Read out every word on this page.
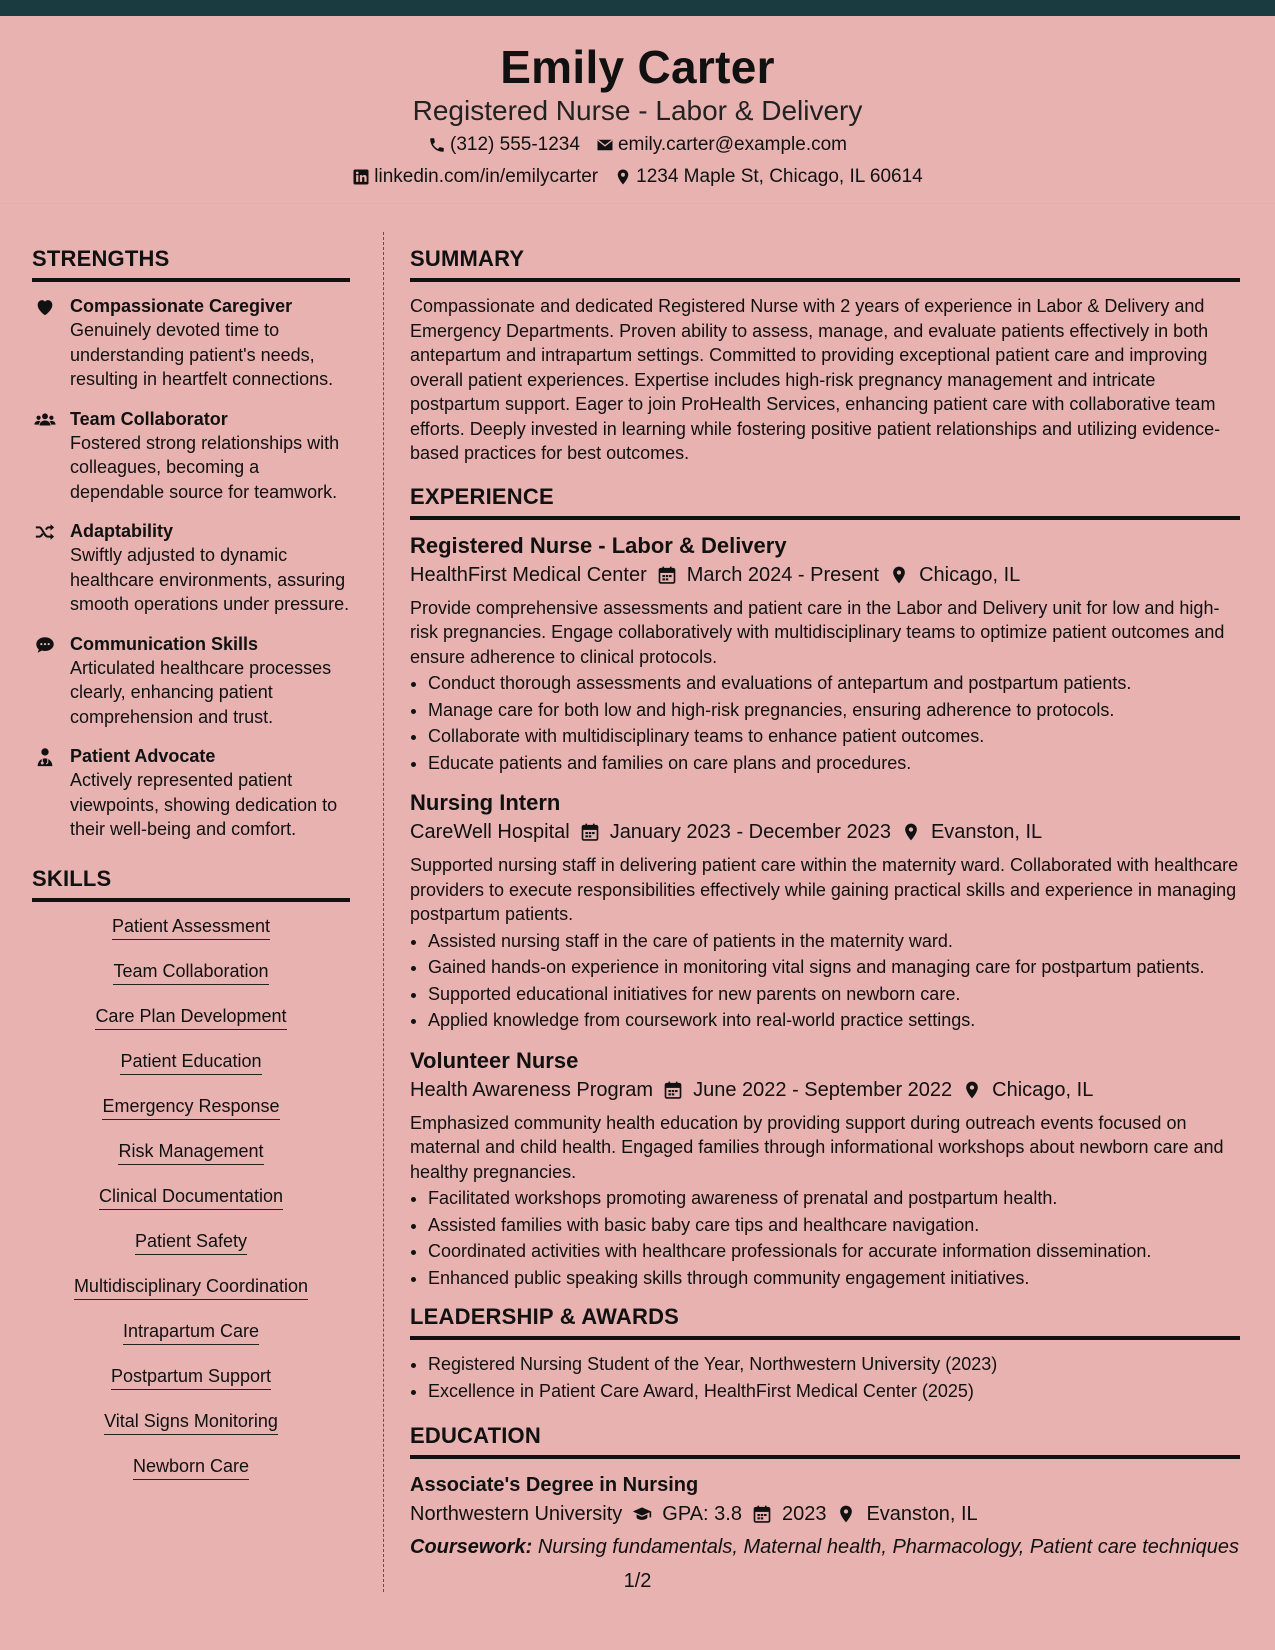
Emily Carter
Registered Nurse - Labor & Delivery
(312) 555-1234 emily.carter@example.com
linkedin.com/in/emilycarter 1234 Maple St, Chicago, IL 60614
STRENGTHS
Compassionate Caregiver
Genuinely devoted time to understanding patient's needs, resulting in heartfelt connections.
Team Collaborator
Fostered strong relationships with colleagues, becoming a dependable source for teamwork.
Adaptability
Swiftly adjusted to dynamic healthcare environments, assuring smooth operations under pressure.
Communication Skills
Articulated healthcare processes clearly, enhancing patient comprehension and trust.
Patient Advocate
Actively represented patient viewpoints, showing dedication to their well-being and comfort.
SKILLS
Patient Assessment
Team Collaboration
Care Plan Development
Patient Education
Emergency Response
Risk Management
Clinical Documentation
Patient Safety
Multidisciplinary Coordination
Intrapartum Care
Postpartum Support
Vital Signs Monitoring
Newborn Care
SUMMARY
Compassionate and dedicated Registered Nurse with 2 years of experience in Labor & Delivery and Emergency Departments. Proven ability to assess, manage, and evaluate patients effectively in both antepartum and intrapartum settings. Committed to providing exceptional patient care and improving overall patient experiences. Expertise includes high-risk pregnancy management and intricate postpartum support. Eager to join ProHealth Services, enhancing patient care with collaborative team efforts. Deeply invested in learning while fostering positive patient relationships and utilizing evidence-based practices for best outcomes.
EXPERIENCE
Registered Nurse - Labor & Delivery
HealthFirst Medical Center March 2024 - Present Chicago, IL
Provide comprehensive assessments and patient care in the Labor and Delivery unit for low and high-risk pregnancies. Engage collaboratively with multidisciplinary teams to optimize patient outcomes and ensure adherence to clinical protocols.
• Conduct thorough assessments and evaluations of antepartum and postpartum patients.
• Manage care for both low and high-risk pregnancies, ensuring adherence to protocols.
• Collaborate with multidisciplinary teams to enhance patient outcomes.
• Educate patients and families on care plans and procedures.
Nursing Intern
CareWell Hospital January 2023 - December 2023 Evanston, IL
Supported nursing staff in delivering patient care within the maternity ward. Collaborated with healthcare providers to execute responsibilities effectively while gaining practical skills and experience in managing postpartum patients.
• Assisted nursing staff in the care of patients in the maternity ward.
• Gained hands-on experience in monitoring vital signs and managing care for postpartum patients.
• Supported educational initiatives for new parents on newborn care.
• Applied knowledge from coursework into real-world practice settings.
Volunteer Nurse
Health Awareness Program June 2022 - September 2022 Chicago, IL
Emphasized community health education by providing support during outreach events focused on maternal and child health. Engaged families through informational workshops about newborn care and healthy pregnancies.
• Facilitated workshops promoting awareness of prenatal and postpartum health.
• Assisted families with basic baby care tips and healthcare navigation.
• Coordinated activities with healthcare professionals for accurate information dissemination.
• Enhanced public speaking skills through community engagement initiatives.
LEADERSHIP & AWARDS
• Registered Nursing Student of the Year, Northwestern University (2023)
• Excellence in Patient Care Award, HealthFirst Medical Center (2025)
EDUCATION
Associate's Degree in Nursing
Northwestern University GPA: 3.8 2023 Evanston, IL
Coursework: Nursing fundamentals, Maternal health, Pharmacology, Patient care techniques
1/2
